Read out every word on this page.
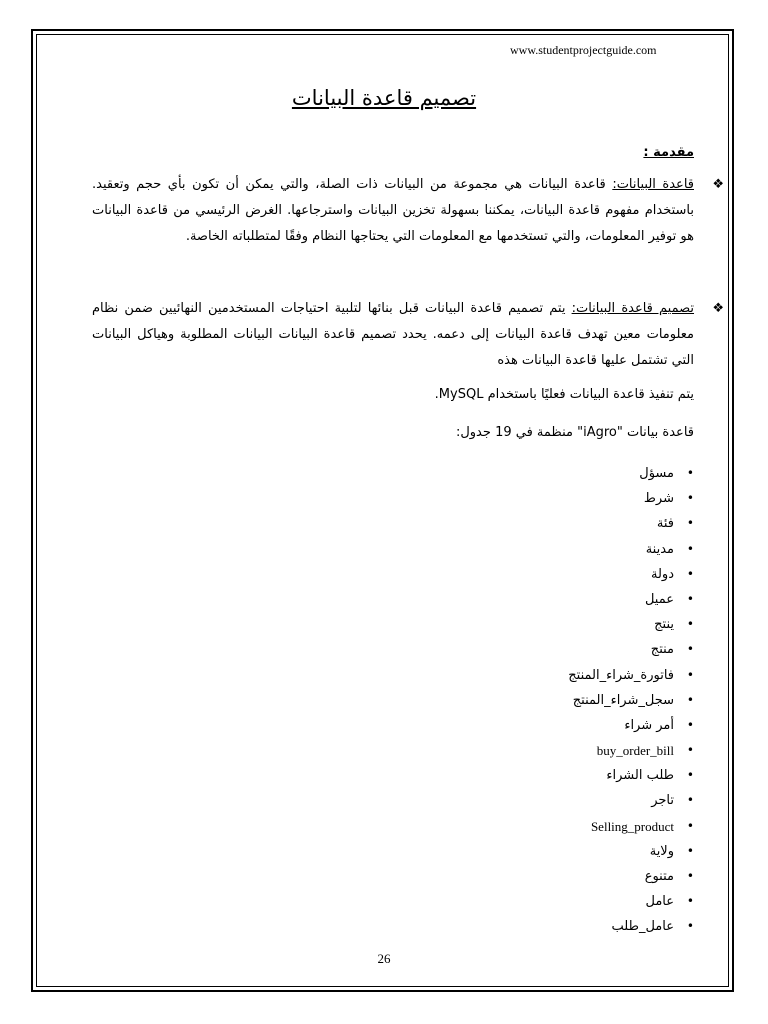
www.studentprojectguide.com
تصميم قاعدة البيانات
مقدمة :
❖
قاعدة البيانات: قاعدة البيانات هي مجموعة من البيانات ذات الصلة، والتي يمكن أن تكون بأي حجم وتعقيد. باستخدام مفهوم قاعدة البيانات، يمكننا بسهولة تخزين البيانات واسترجاعها. الغرض الرئيسي من قاعدة البيانات هو توفير المعلومات، والتي تستخدمها مع المعلومات التي يحتاجها النظام وفقًا لمتطلباته الخاصة.
❖
تصميم قاعدة البيانات: يتم تصميم قاعدة البيانات قبل بنائها لتلبية احتياجات المستخدمين النهائيين ضمن نظام معلومات معين تهدف قاعدة البيانات إلى دعمه. يحدد تصميم قاعدة البيانات البيانات المطلوبة وهياكل البيانات التي تشتمل عليها قاعدة البيانات هذه
يتم تنفيذ قاعدة البيانات فعليًا باستخدام MySQL.
قاعدة بيانات "iAgro" منظمة في 19 جدول:
•
مسؤل
•
شرط
•
فئة
•
مدينة
•
دولة
•
عميل
•
ينتج
•
منتج
•
فاتورة_شراء_المنتج
•
سجل_شراء_المنتج
•
أمر شراء
•
buy_order_bill
•
طلب الشراء
•
تاجر
•
Selling_product
•
ولاية
•
متنوع
•
عامل
•
عامل_طلب
26
